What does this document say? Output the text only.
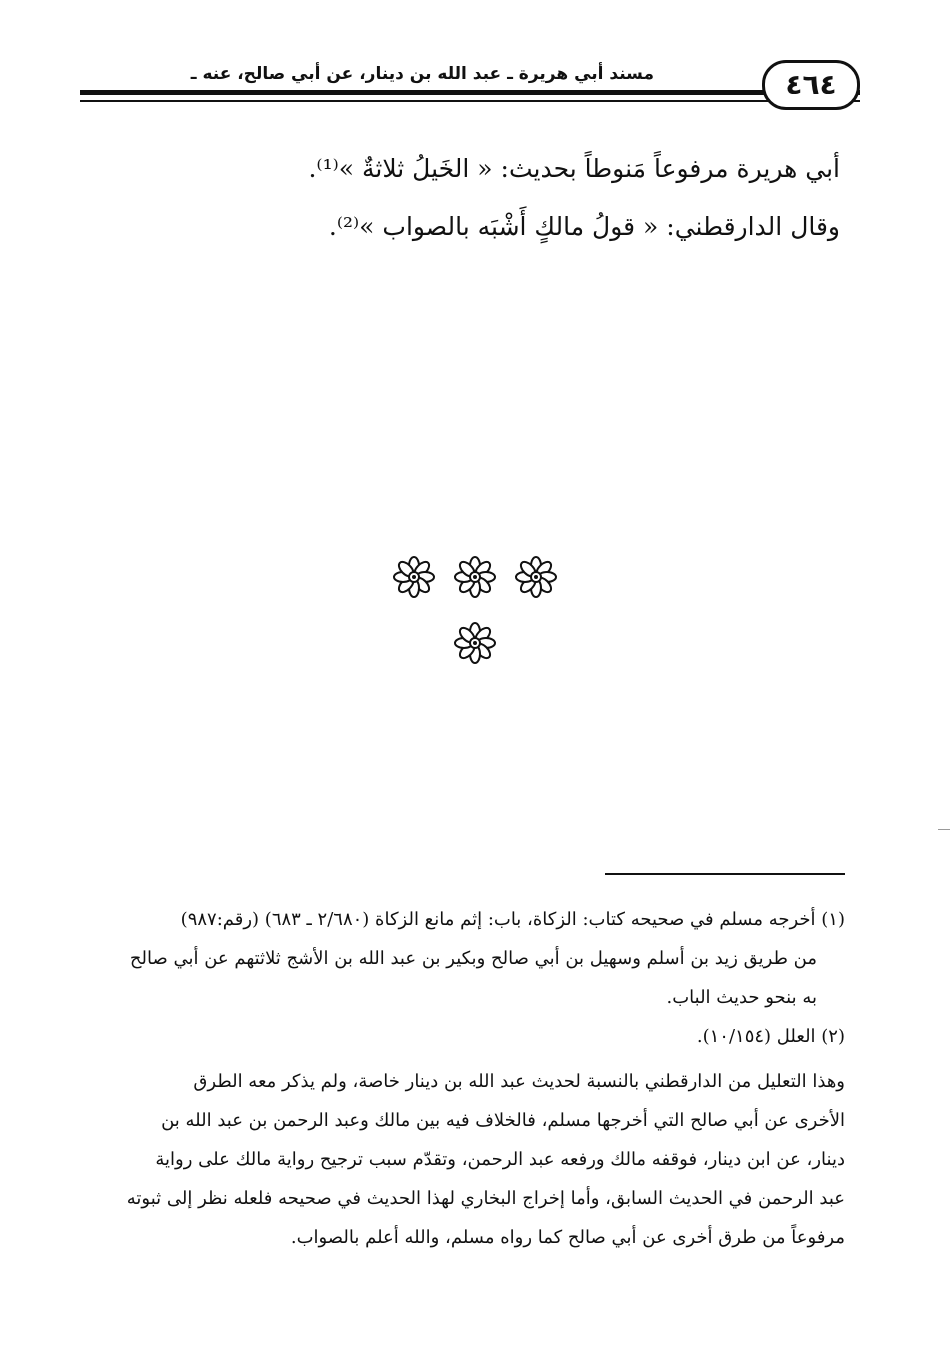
مسند أبي هريرة ـ عبد الله بن دينار، عن أبي صالح، عنه ـ	٤٦٤

أبي هريرة مرفوعاً مَنوطاً بحديث: « الخَيلُ ثلاثةٌ »⁽¹⁾.

وقال الدارقطني: « قولُ مالكٍ أَشْبَه بالصواب »⁽²⁾.

(١) أخرجه مسلم في صحيحه كتاب: الزكاة، باب: إثم مانع الزكاة (٢/٦٨٠ ـ ٦٨٣) (رقم:٩٨٧)

من طريق زيد بن أسلم وسهيل بن أبي صالح وبكير بن عبد الله بن الأشج ثلاثتهم عن أبي صالح

به بنحو حديث الباب.

(٢) العلل (١٠/١٥٤).

وهذا التعليل من الدارقطني بالنسبة لحديث عبد الله بن دينار خاصة، ولم يذكر معه الطرق

الأخرى عن أبي صالح التي أخرجها مسلم، فالخلاف فيه بين مالك وعبد الرحمن بن عبد الله بن

دينار، عن ابن دينار، فوقفه مالك ورفعه عبد الرحمن، وتقدّم سبب ترجيح رواية مالك على رواية

عبد الرحمن في الحديث السابق، وأما إخراج البخاري لهذا الحديث في صحيحه فلعله نظر إلى ثبوته

مرفوعاً من طرق أخرى عن أبي صالح كما رواه مسلم، والله أعلم بالصواب.
